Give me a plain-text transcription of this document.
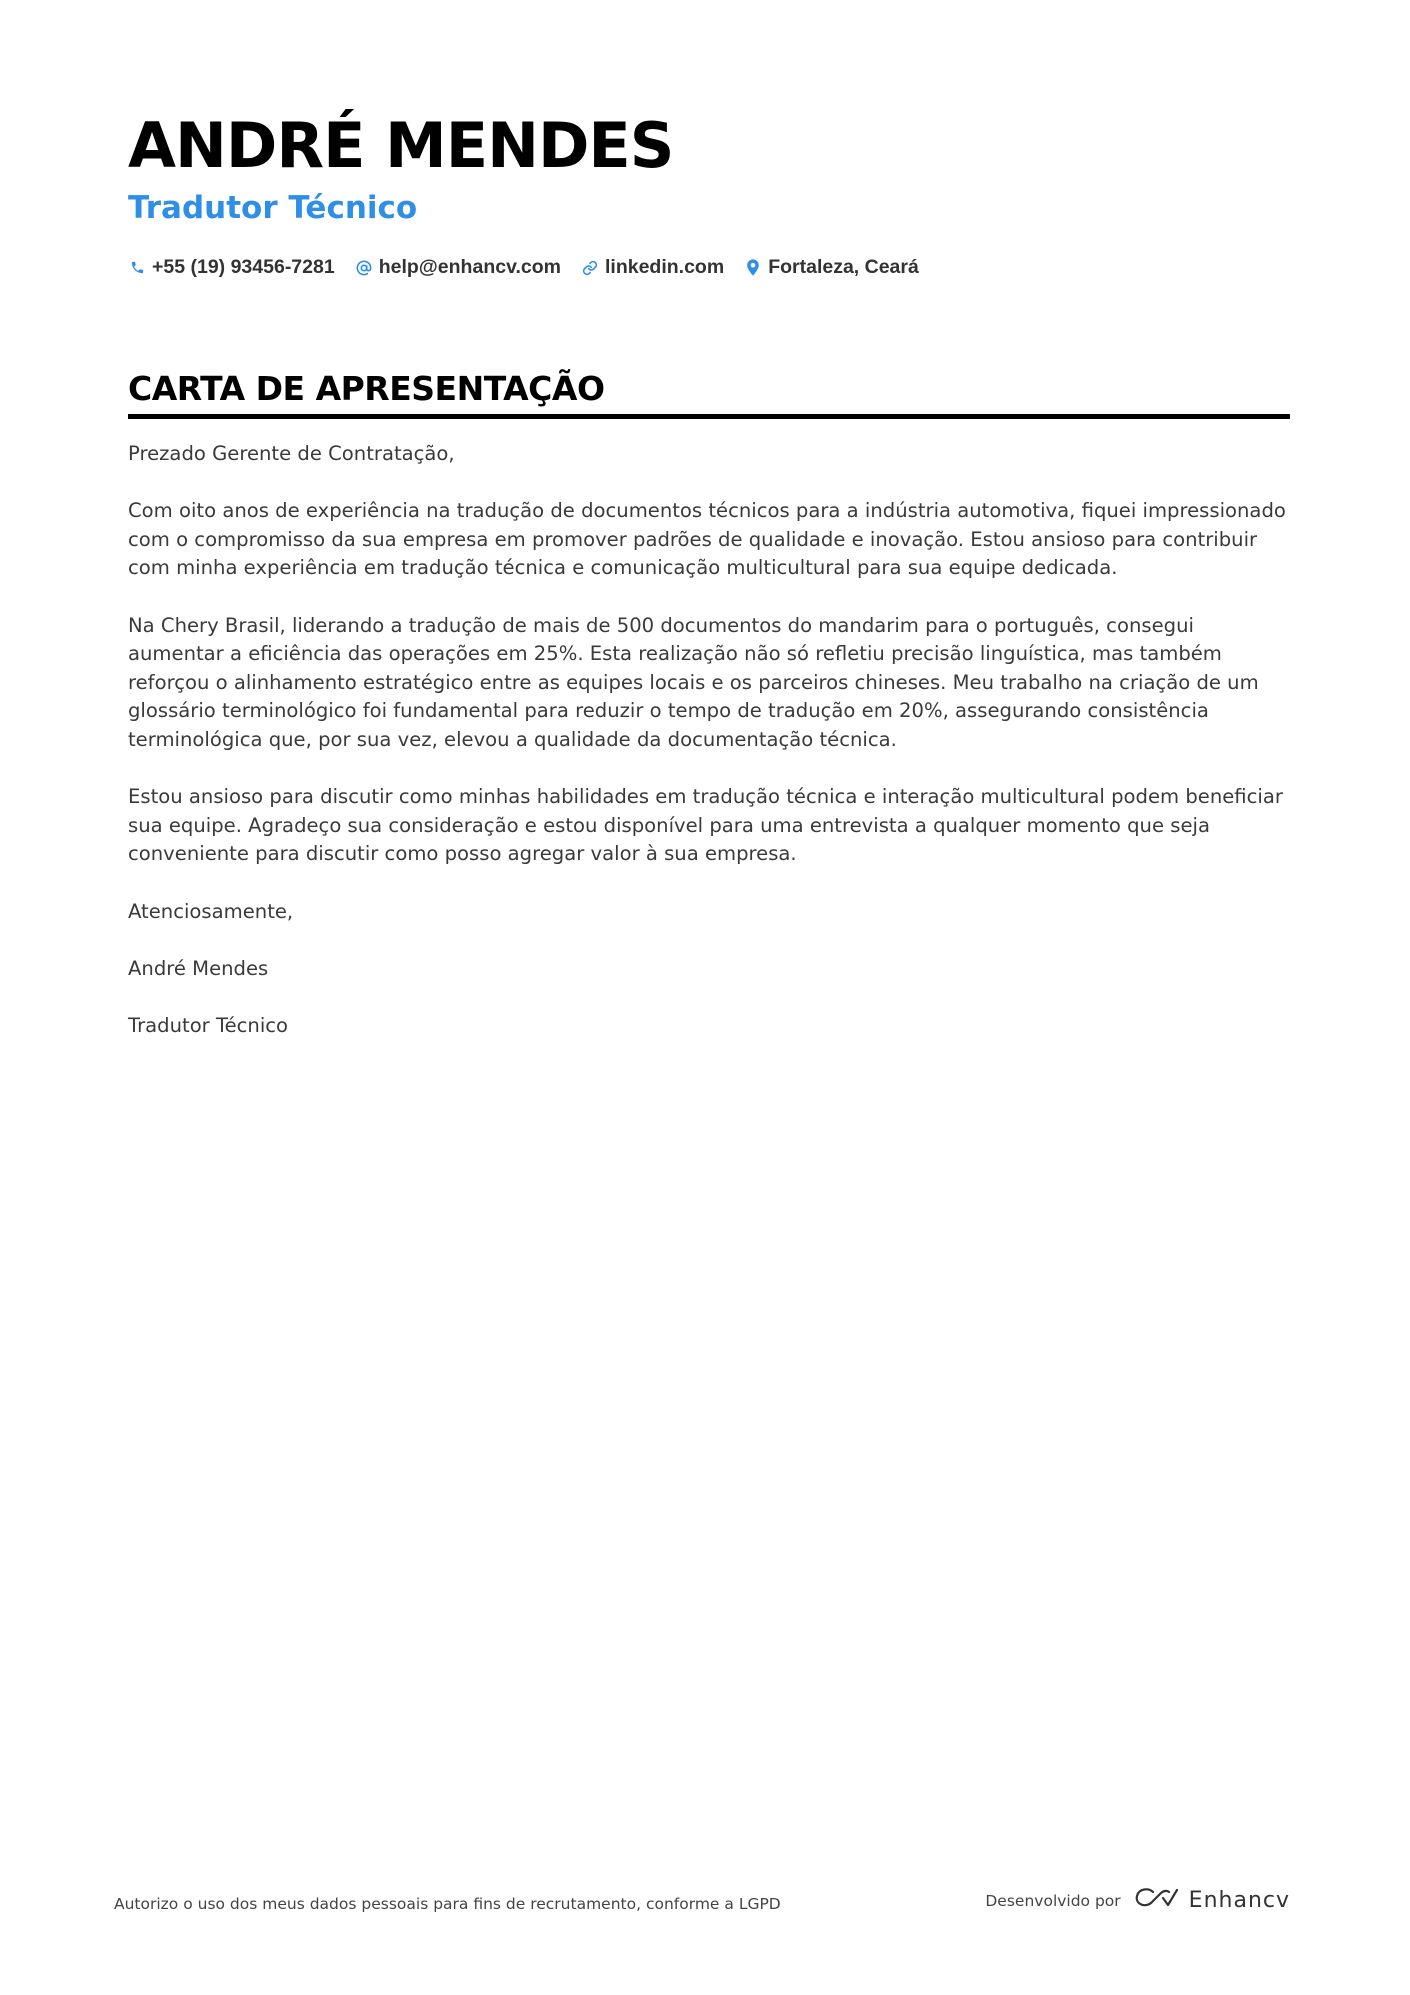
ANDRÉ MENDES
Tradutor Técnico
+55 (19) 93456-7281 help@enhancv.com linkedin.com Fortaleza, Ceará
CARTA DE APRESENTAÇÃO

Prezado Gerente de Contratação,

Com oito anos de experiência na tradução de documentos técnicos para a indústria automotiva, fiquei impressionado com o compromisso da sua empresa em promover padrões de qualidade e inovação. Estou ansioso para contribuir com minha experiência em tradução técnica e comunicação multicultural para sua equipe dedicada.

Na Chery Brasil, liderando a tradução de mais de 500 documentos do mandarim para o português, consegui aumentar a eficiência das operações em 25%. Esta realização não só refletiu precisão linguística, mas também reforçou o alinhamento estratégico entre as equipes locais e os parceiros chineses. Meu trabalho na criação de um glossário terminológico foi fundamental para reduzir o tempo de tradução em 20%, assegurando consistência terminológica que, por sua vez, elevou a qualidade da documentação técnica.

Estou ansioso para discutir como minhas habilidades em tradução técnica e interação multicultural podem beneficiar sua equipe. Agradeço sua consideração e estou disponível para uma entrevista a qualquer momento que seja conveniente para discutir como posso agregar valor à sua empresa.

Atenciosamente,

André Mendes

Tradutor Técnico

Autorizo o uso dos meus dados pessoais para fins de recrutamento, conforme a LGPD	Desenvolvido por	Enhancv
